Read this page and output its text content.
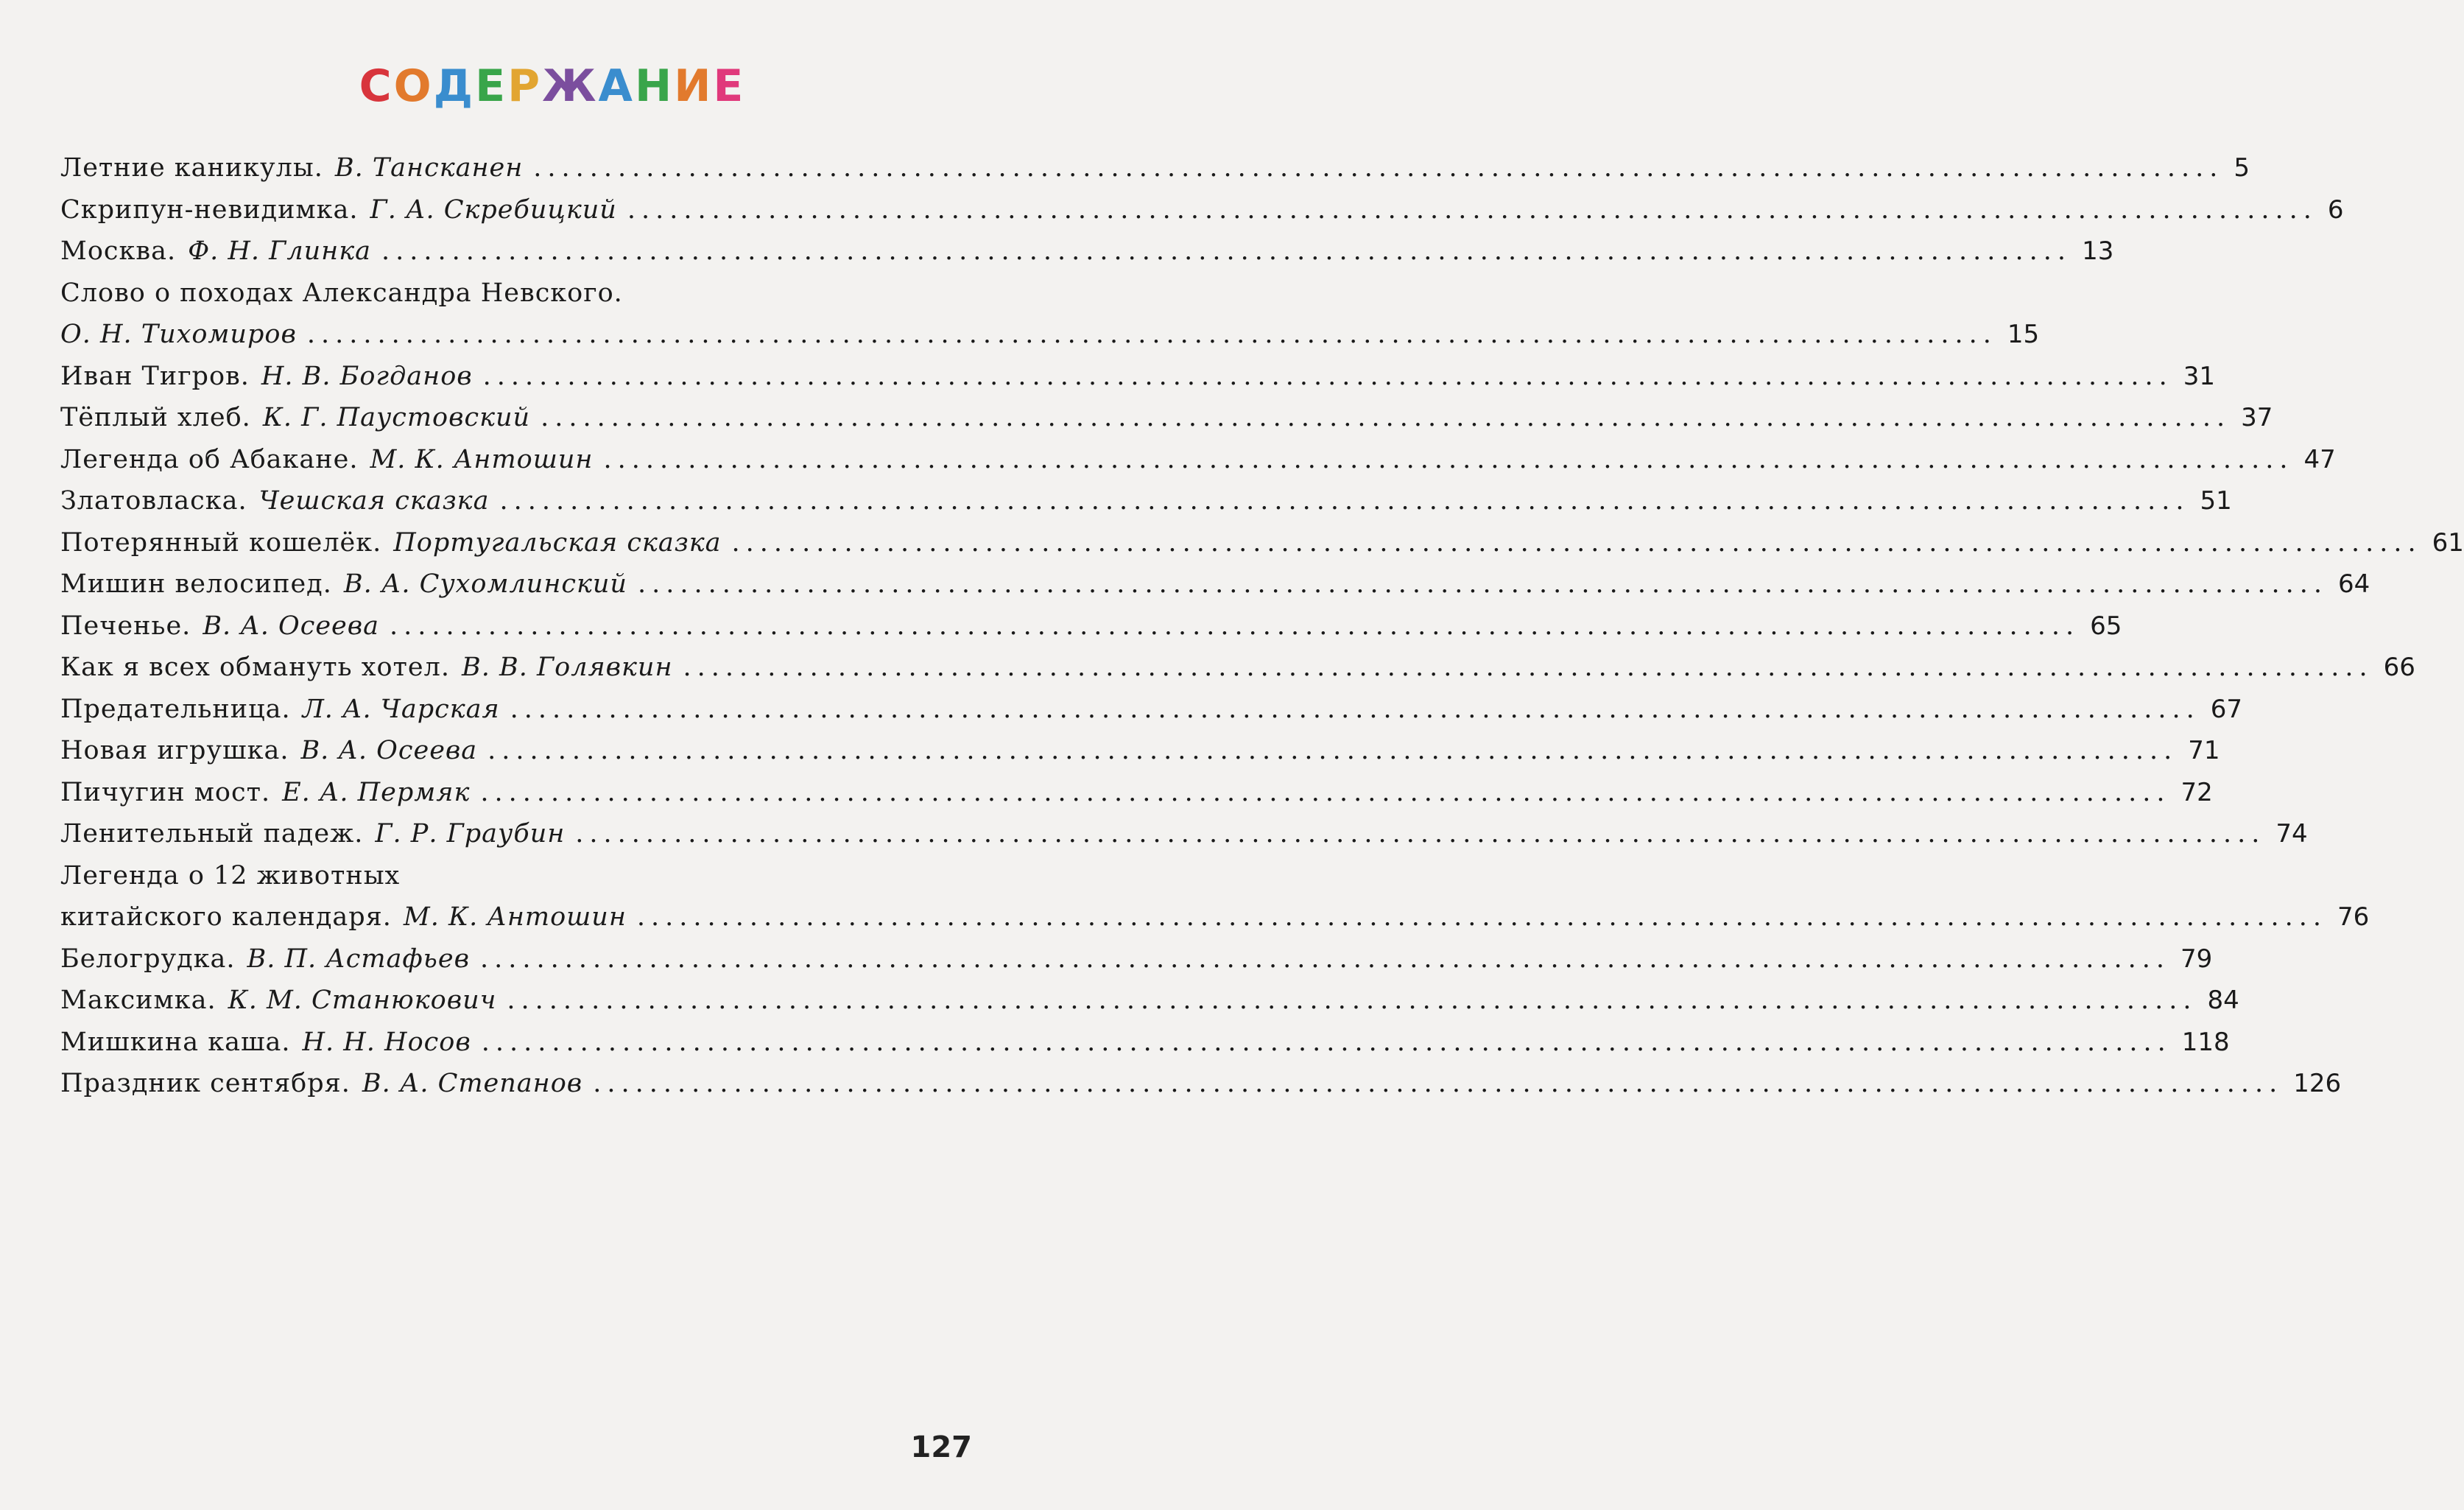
СОДЕРЖАНИЕ
Летние каникулы. В. Тансканен ........................................................................................................................ 5
Скрипун-невидимка. Г. А. Скребицкий ........................................................................................................................ 6
Москва. Ф. Н. Глинка ........................................................................................................................ 13
Слово о походах Александра Невского.
О. Н. Тихомиров ........................................................................................................................ 15
Иван Тигров. Н. В. Богданов ........................................................................................................................ 31
Тёплый хлеб. К. Г. Паустовский ........................................................................................................................ 37
Легенда об Абакане. М. К. Антошин ........................................................................................................................ 47
Златовласка. Чешская сказка ........................................................................................................................ 51
Потерянный кошелёк. Португальская сказка ........................................................................................................................ 61
Мишин велосипед. В. А. Сухомлинский ........................................................................................................................ 64
Печенье. В. А. Осеева ........................................................................................................................ 65
Как я всех обмануть хотел. В. В. Голявкин ........................................................................................................................ 66
Предательница. Л. А. Чарская ........................................................................................................................ 67
Новая игрушка. В. А. Осеева ........................................................................................................................ 71
Пичугин мост. Е. А. Пермяк ........................................................................................................................ 72
Ленительный падеж. Г. Р. Граубин ........................................................................................................................ 74
Легенда о 12 животных
китайского календаря. М. К. Антошин ........................................................................................................................ 76
Белогрудка. В. П. Астафьев ........................................................................................................................ 79
Максимка. К. М. Станюкович ........................................................................................................................ 84
Мишкина каша. Н. Н. Носов ........................................................................................................................ 118
Праздник сентября. В. А. Степанов ........................................................................................................................ 126
127
